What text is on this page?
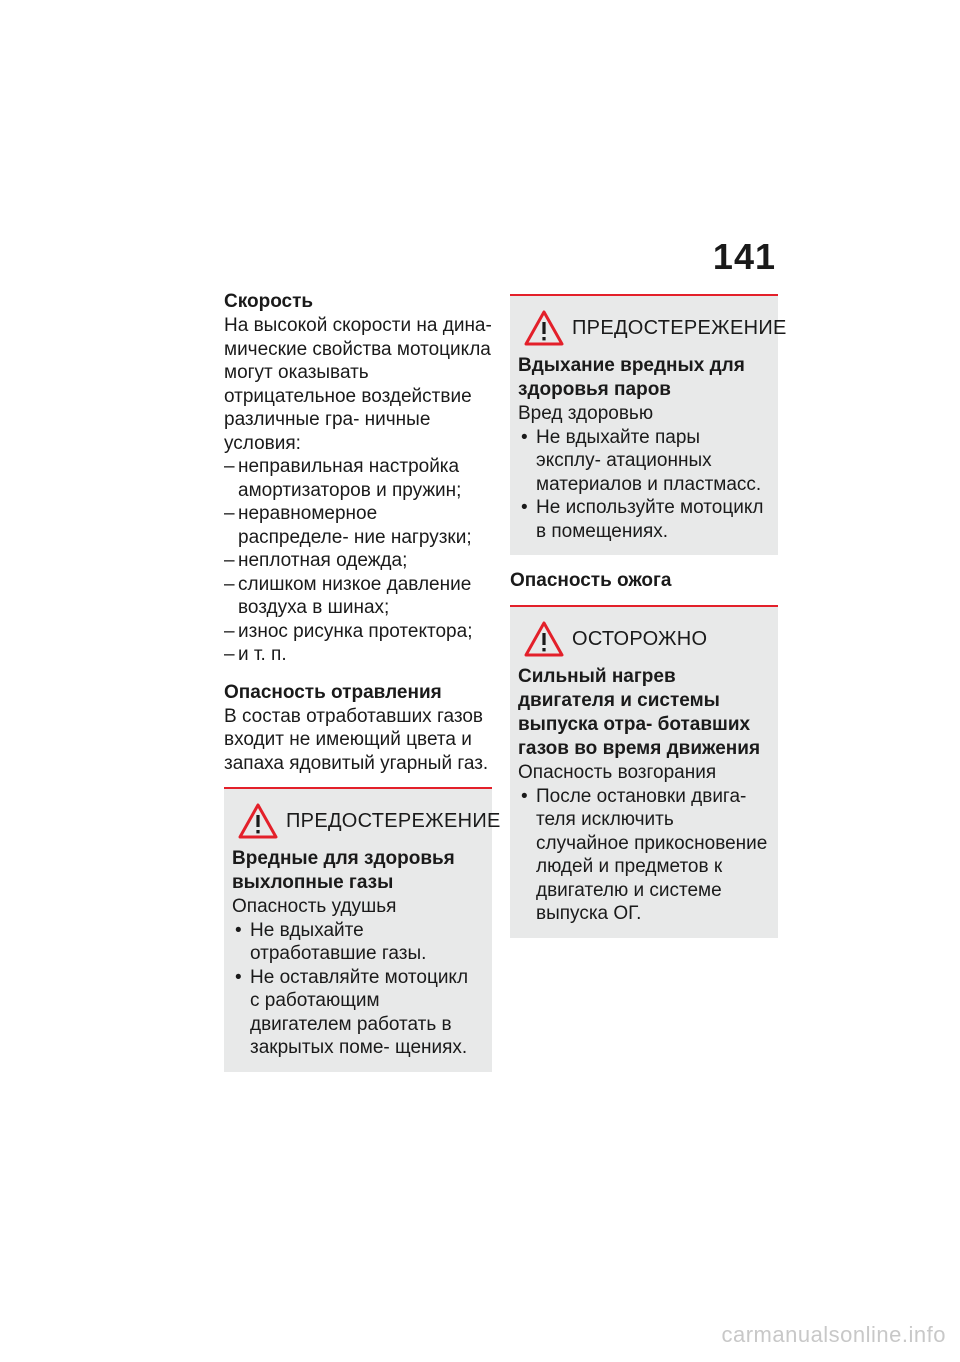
141

Скорость

На высокой скорости на дина- мические свойства мотоцикла могут оказывать отрицательное воздействие различные гра- ничные условия:

– неправильная настройка амортизаторов и пружин;
– неравномерное распределе- ние нагрузки;
– неплотная одежда;
– слишком низкое давление воздуха в шинах;
– износ рисунка протектора;
– и т. п.

Опасность отравления

В состав отработавших газов входит не имеющий цвета и запаха ядовитый угарный газ.

ПРЕДОСТЕРЕЖЕНИЕ

Вредные для здоровья выхлопные газы

Опасность удушья

• Не вдыхайте отработавшие газы.
• Не оставляйте мотоцикл с работающим двигателем работать в закрытых поме- щениях.
ПРЕДОСТЕРЕЖЕНИЕ

Вдыхание вредных для здоровья паров

Вред здоровью

• Не вдыхайте пары эксплу- атационных материалов и пластмасс.
• Не используйте мотоцикл в помещениях.

Опасность ожога

ОСТОРОЖНО

Сильный нагрев двигателя и системы выпуска отра- ботавших газов во время движения

Опасность возгорания

• После остановки двига- теля исключить случайное прикосновение людей и предметов к двигателю и системе выпуска ОГ.
carmanualsonline.info
